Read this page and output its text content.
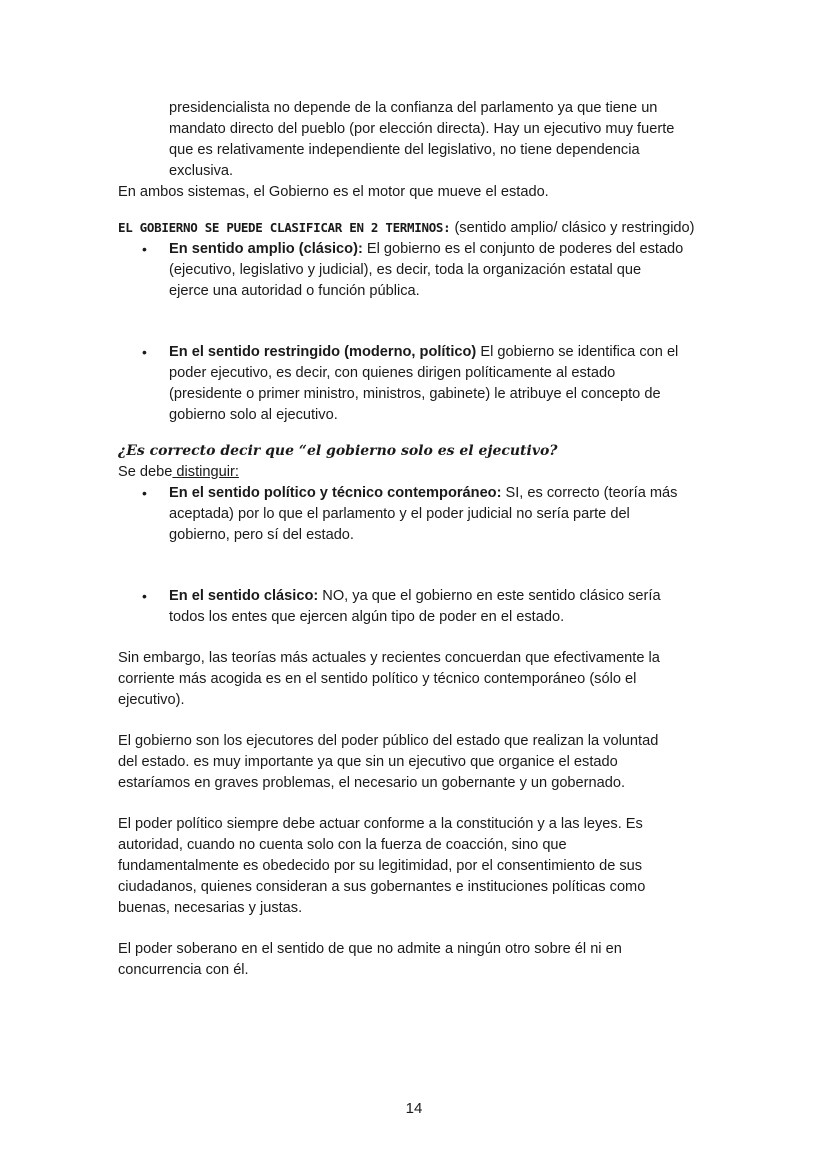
presidencialista no depende de la confianza del parlamento ya que tiene un

mandato directo del pueblo (por elección directa). Hay un ejecutivo muy fuerte

que es relativamente independiente del legislativo, no tiene dependencia

exclusiva.

En ambos sistemas, el Gobierno es el motor que mueve el estado.

EL GOBIERNO SE PUEDE CLASIFICAR EN 2 TERMINOS: (sentido amplio/ clásico y restringido)

• En sentido amplio (clásico): El gobierno es el conjunto de poderes del estado
(ejecutivo, legislativo y judicial), es decir, toda la organización estatal que
ejerce una autoridad o función pública.
• En el sentido restringido (moderno, político) El gobierno se identifica con el
poder ejecutivo, es decir, con quienes dirigen políticamente al estado
(presidente o primer ministro, ministros, gabinete) le atribuye el concepto de
gobierno solo al ejecutivo.

¿Es correcto decir que “el gobierno solo es el ejecutivo?

Se debe distinguir:

• En el sentido político y técnico contemporáneo: SI, es correcto (teoría más
aceptada) por lo que el parlamento y el poder judicial no sería parte del
gobierno, pero sí del estado.
• En el sentido clásico: NO, ya que el gobierno en este sentido clásico sería
todos los entes que ejercen algún tipo de poder en el estado.

Sin embargo, las teorías más actuales y recientes concuerdan que efectivamente la
corriente más acogida es en el sentido político y técnico contemporáneo (sólo el
ejecutivo).

El gobierno son los ejecutores del poder público del estado que realizan la voluntad
del estado. es muy importante ya que sin un ejecutivo que organice el estado
estaríamos en graves problemas, el necesario un gobernante y un gobernado.

El poder político siempre debe actuar conforme a la constitución y a las leyes. Es
autoridad, cuando no cuenta solo con la fuerza de coacción, sino que
fundamentalmente es obedecido por su legitimidad, por el consentimiento de sus
ciudadanos, quienes consideran a sus gobernantes e instituciones políticas como
buenas, necesarias y justas.

El poder soberano en el sentido de que no admite a ningún otro sobre él ni en
concurrencia con él.

14
